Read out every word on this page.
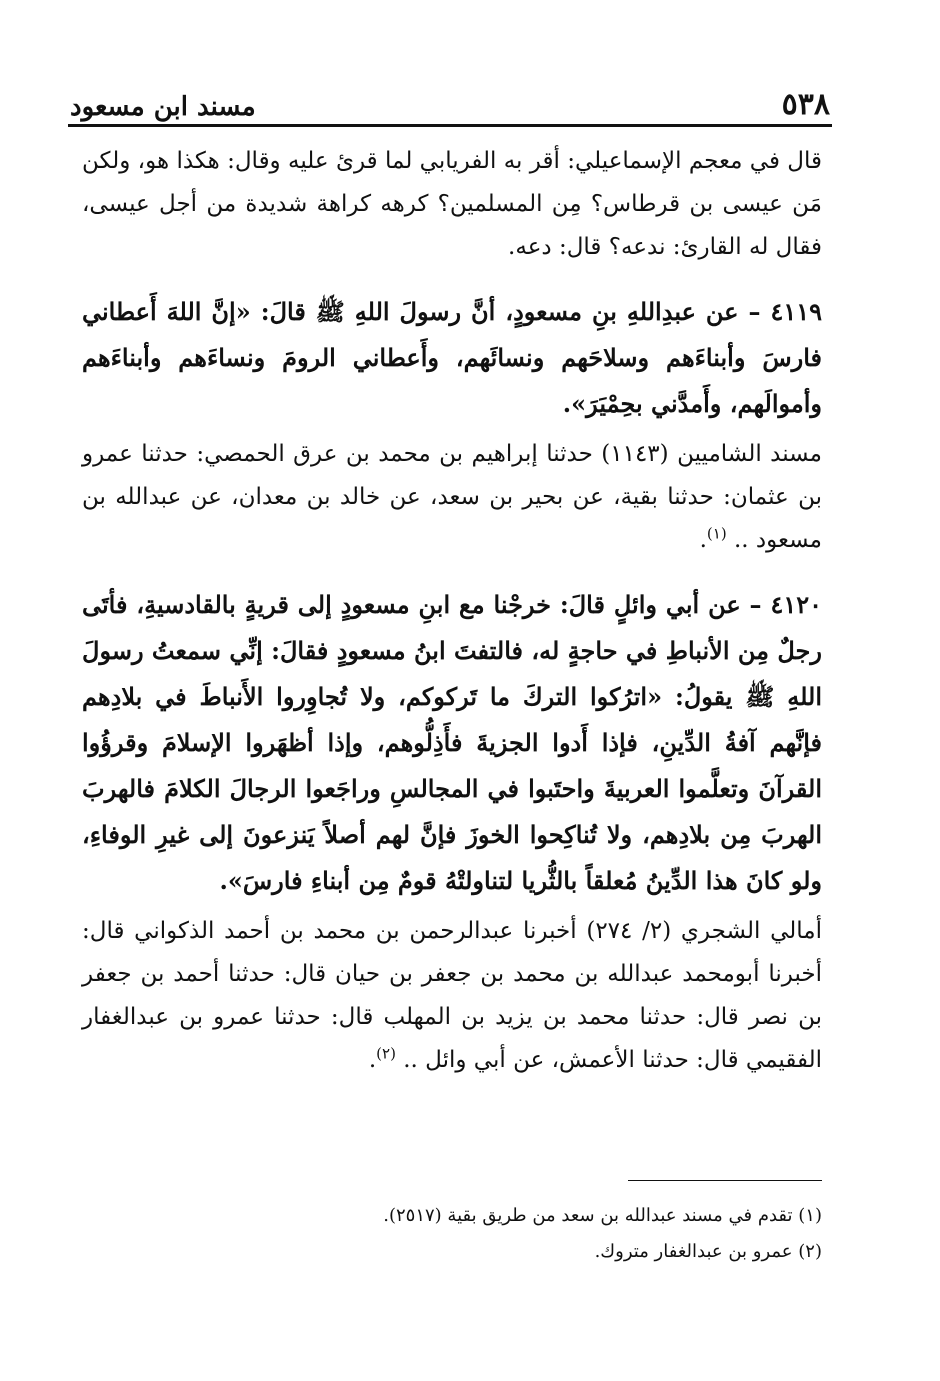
٥٣٨
مسند ابن مسعود

قال في معجم الإسماعيلي: أقر به الفريابي لما قرئ عليه وقال: هكذا هو، ولكن مَن عيسى بن قرطاس؟ مِن المسلمين؟ كرهه كراهة شديدة من أجل عيسى، فقال له القارئ: ندعه؟ قال: دعه.

٤١١٩ – عن عبدِاللهِ بنِ مسعودٍ، أنَّ رسولَ اللهِ ﷺ قالَ: «إنَّ اللهَ أَعطاني فارسَ وأبناءَهم وسلاحَهم ونسائَهم، وأَعطاني الرومَ ونساءَهم وأبناءَهم وأموالَهم، وأَمدَّني بحِمْيَرَ».

مسند الشاميين (١١٤٣) حدثنا إبراهيم بن محمد بن عرق الحمصي: حدثنا عمرو بن عثمان: حدثنا بقية، عن بحير بن سعد، عن خالد بن معدان، عن عبدالله بن مسعود .. $^{(١)}$.

٤١٢٠ – عن أبي وائلٍ قالَ: خرجْنا مع ابنِ مسعودٍ إلى قريةٍ بالقادسيةِ، فأتَى رجلٌ مِن الأنباطِ في حاجةٍ له، فالتفتَ ابنُ مسعودٍ فقالَ: إنِّي سمعتُ رسولَ اللهِ ﷺ يقولُ: «اترُكوا التركَ ما تَركوكم، ولا تُجاوِروا الأَنباطَ في بلادِهم فإنَّهم آفةُ الدِّينِ، فإذا أَدوا الجزيةَ فأَذِلُّوهم، وإذا أظهَروا الإسلامَ وقرؤُوا القرآنَ وتعلَّموا العربيةَ واحتَبوا في المجالسِ وراجَعوا الرجالَ الكلامَ فالهربَ الهربَ مِن بلادِهم، ولا تُناكِحوا الخوزَ فإنَّ لهم أصلاً يَنزعونَ إلى غيرِ الوفاءِ، ولو كانَ هذا الدِّينُ مُعلقاً بالثُّريا لتناولتْهُ قومٌ مِن أبناءِ فارسَ».

أمالي الشجري (٢/ ٢٧٤) أخبرنا عبدالرحمن بن محمد بن أحمد الذكواني قال: أخبرنا أبومحمد عبدالله بن محمد بن جعفر بن حيان قال: حدثنا أحمد بن جعفر بن نصر قال: حدثنا محمد بن يزيد بن المهلب قال: حدثنا عمرو بن عبدالغفار الفقيمي قال: حدثنا الأعمش، عن أبي وائل .. $^{(٢)}$.

(١) تقدم في مسند عبدالله بن سعد من طريق بقية (٢٥١٧).

(٢) عمرو بن عبدالغفار متروك.
